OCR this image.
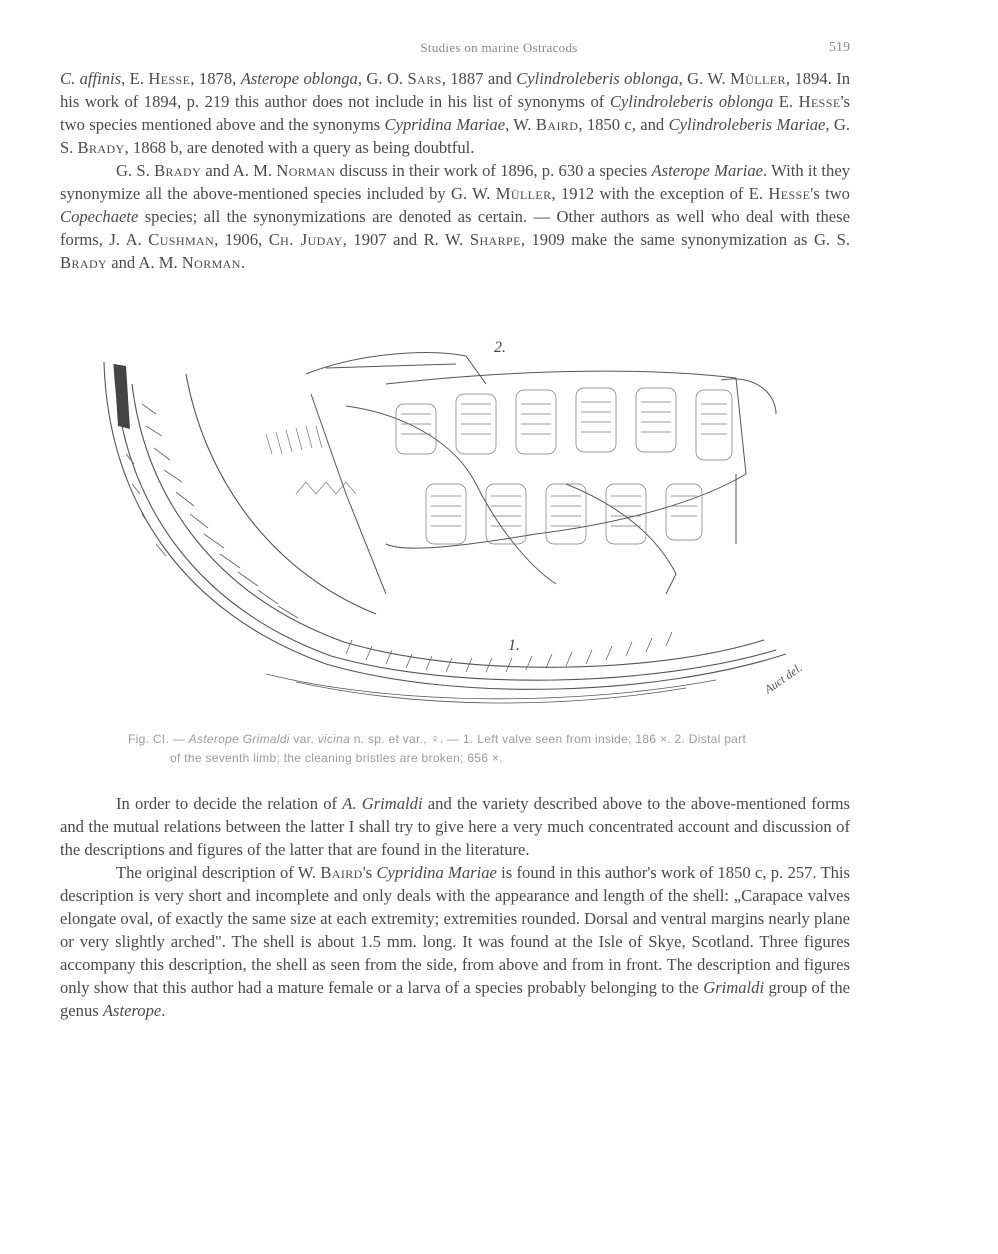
Studies on marine Ostracods	519

C. affinis, E. Hesse, 1878, Asterope oblonga, G. O. Sars, 1887 and Cylindroleberis oblonga, G. W. Müller, 1894. In his work of 1894, p. 219 this author does not include in his list of synonyms of Cylindroleberis oblonga E. Hesse's two species mentioned above and the synonyms Cypridina Mariae, W. Baird, 1850 c, and Cylindroleberis Mariae, G. S. Brady, 1868 b, are denoted with a query as being doubtful.

G. S. Brady and A. M. Norman discuss in their work of 1896, p. 630 a species Asterope Mariae. With it they synonymize all the above-mentioned species included by G. W. Müller, 1912 with the exception of E. Hesse's two Copechaete species; all the synonymizations are denoted as certain. — Other authors as well who deal with these forms, J. A. Cushman, 1906, Ch. Juday, 1907 and R. W. Sharpe, 1909 make the same synonymization as G. S. Brady and A. M. Norman.

2.
1.
Auct del.
Fig. CI. — Asterope Grimaldi var. vicina n. sp. et var., ♀. — 1. Left valve seen from inside; 186 ×. 2. Distal part
of the seventh limb; the cleaning bristles are broken; 656 ×.

In order to decide the relation of A. Grimaldi and the variety described above to the above-mentioned forms and the mutual relations between the latter I shall try to give here a very much concentrated account and discussion of the descriptions and figures of the latter that are found in the literature.

The original description of W. Baird's Cypridina Mariae is found in this author's work of 1850 c, p. 257. This description is very short and incomplete and only deals with the appearance and length of the shell: „Carapace valves elongate oval, of exactly the same size at each extremity; extremities rounded. Dorsal and ventral margins nearly plane or very slightly arched". The shell is about 1.5 mm. long. It was found at the Isle of Skye, Scotland. Three figures accompany this description, the shell as seen from the side, from above and from in front. The description and figures only show that this author had a mature female or a larva of a species probably belonging to the Grimaldi group of the genus Asterope.
